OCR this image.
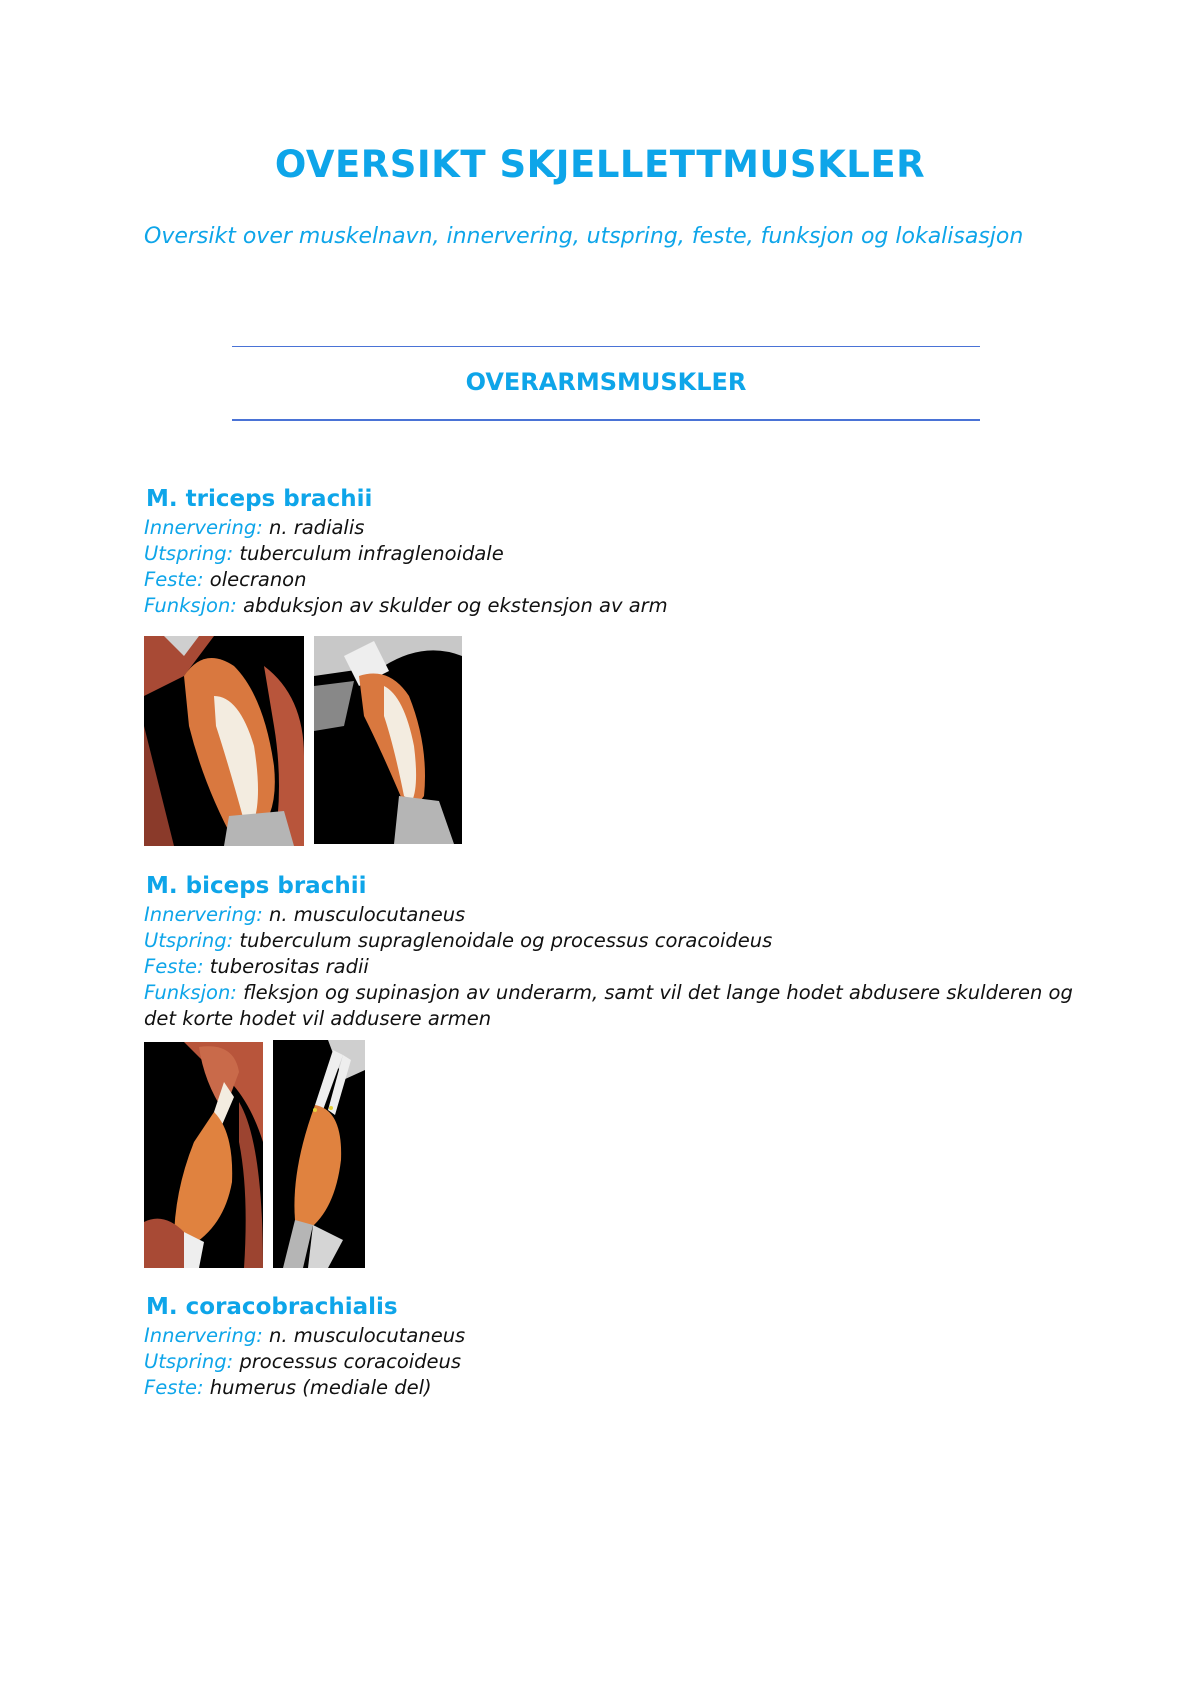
OVERSIKT SKJELLETTMUSKLER
Oversikt over muskelnavn, innervering, utspring, feste, funksjon og lokalisasjon
OVERARMSMUSKLER
M. triceps brachii
Innervering: n. radialis
Utspring: tuberculum infraglenoidale
Feste: olecranon
Funksjon: abduksjon av skulder og ekstensjon av arm
M. biceps brachii
Innervering: n. musculocutaneus
Utspring: tuberculum supraglenoidale og processus coracoideus
Feste: tuberositas radii
Funksjon: fleksjon og supinasjon av underarm, samt vil det lange hodet abdusere skulderen og det korte hodet vil addusere armen
M. coracobrachialis
Innervering: n. musculocutaneus
Utspring: processus coracoideus
Feste: humerus (mediale del)
